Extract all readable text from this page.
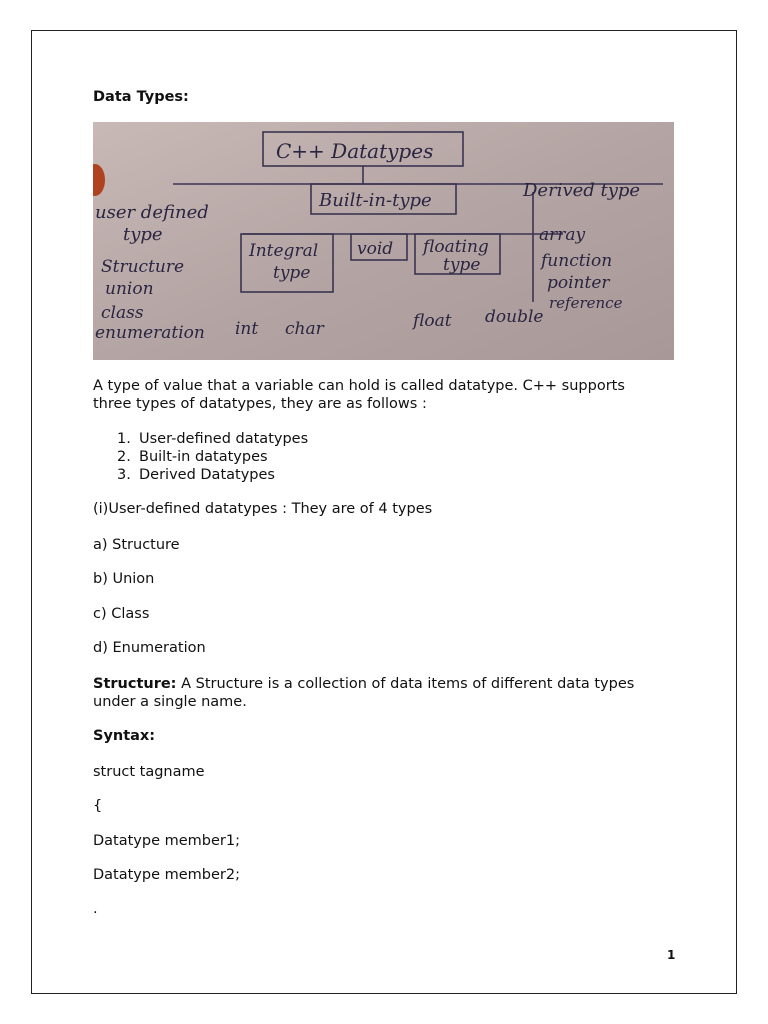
Data Types:
C++ Datatypes
Built-in-type	Derived type
user defined
type
Structure
union
class
enumeration
Integral
type
void floating
type
int char	float double
array
function
pointer
reference
A type of value that a variable can hold is called datatype. C++ supports
three types of datatypes, they are as follows :
1. User-defined datatypes
2. Built-in datatypes
3. Derived Datatypes
(i)User-defined datatypes : They are of 4 types
a) Structure
b) Union
c) Class
d) Enumeration
Structure: A Structure is a collection of data items of different data types
under a single name.
Syntax:
struct tagname
{
Datatype member1;
Datatype member2;
.
1
